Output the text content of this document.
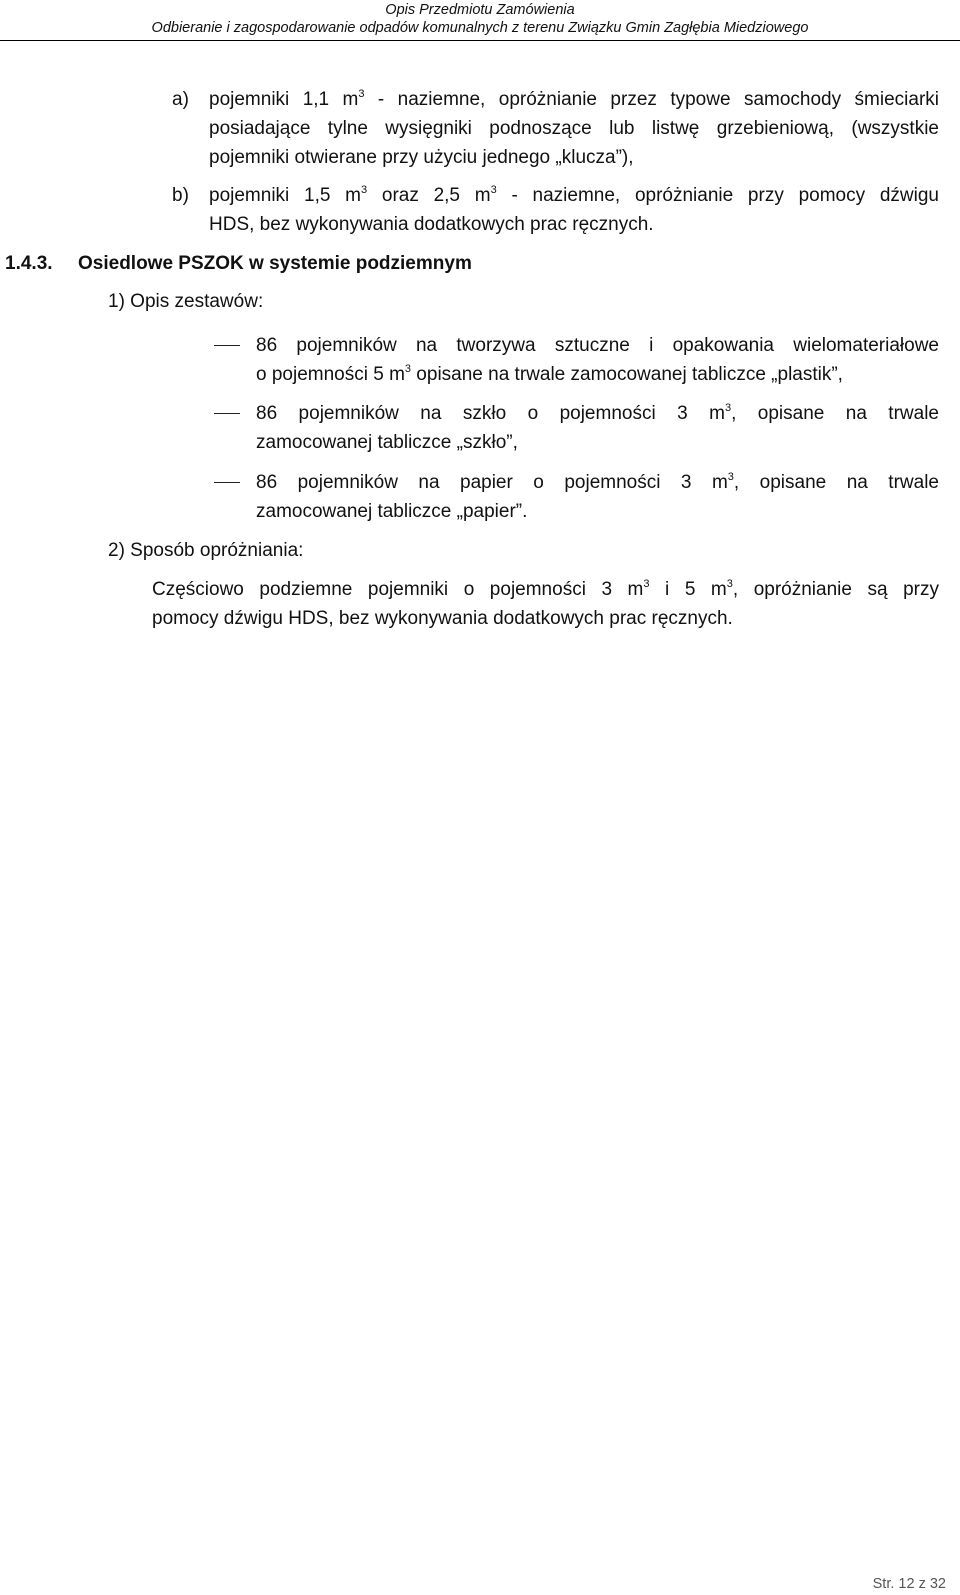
Opis Przedmiotu Zamówienia
Odbieranie i zagospodarowanie odpadów komunalnych z terenu Związku Gmin Zagłębia Miedziowego
a) pojemniki 1,1 $m^3$ - naziemne, opróżnianie przez typowe samochody śmieciarki
posiadające tylne wysięgniki podnoszące lub listwę grzebieniową, (wszystkie
pojemniki otwierane przy użyciu jednego „klucza”),
b) pojemniki 1,5 $m^3$ oraz 2,5 $m^3$ - naziemne, opróżnianie przy pomocy dźwigu
HDS, bez wykonywania dodatkowych prac ręcznych.
1.4.3. Osiedlowe PSZOK w systemie podziemnym
1) Opis zestawów:
86 pojemników na tworzywa sztuczne i opakowania wielomateriałowe
o pojemności 5 $m^3$ opisane na trwale zamocowanej tabliczce „plastik”,
86 pojemników na szkło o pojemności 3 $m^3$, opisane na trwale
zamocowanej tabliczce „szkło”,
86 pojemników na papier o pojemności 3 $m^3$, opisane na trwale
zamocowanej tabliczce „papier”.
2) Sposób opróżniania:
Częściowo podziemne pojemniki o pojemności 3 $m^3$ i 5 $m^3$, opróżnianie są przy
pomocy dźwigu HDS, bez wykonywania dodatkowych prac ręcznych.
Str. 12 z 32
